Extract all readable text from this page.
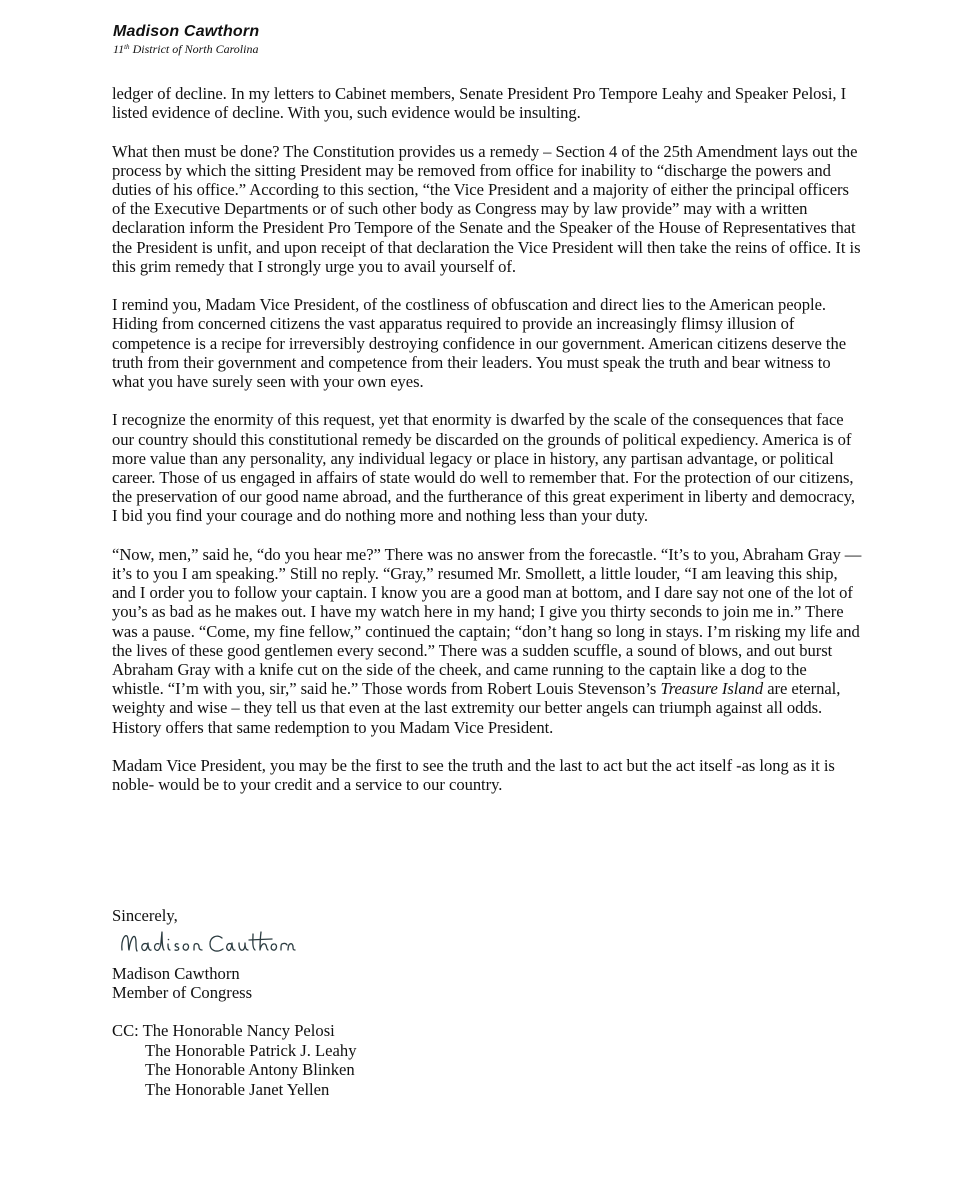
Madison Cawthorn

11th District of North Carolina

ledger of decline. In my letters to Cabinet members, Senate President Pro Tempore Leahy and Speaker Pelosi, I listed evidence of decline. With you, such evidence would be insulting.

What then must be done? The Constitution provides us a remedy – Section 4 of the 25th Amendment lays out the process by which the sitting President may be removed from office for inability to “discharge the powers and duties of his office.” According to this section, “the Vice President and a majority of either the principal officers of the Executive Departments or of such other body as Congress may by law provide” may with a written declaration inform the President Pro Tempore of the Senate and the Speaker of the House of Representatives that the President is unfit, and upon receipt of that declaration the Vice President will then take the reins of office. It is this grim remedy that I strongly urge you to avail yourself of.

I remind you, Madam Vice President, of the costliness of obfuscation and direct lies to the American people. Hiding from concerned citizens the vast apparatus required to provide an increasingly flimsy illusion of competence is a recipe for irreversibly destroying confidence in our government. American citizens deserve the truth from their government and competence from their leaders. You must speak the truth and bear witness to what you have surely seen with your own eyes.

I recognize the enormity of this request, yet that enormity is dwarfed by the scale of the consequences that face our country should this constitutional remedy be discarded on the grounds of political expediency. America is of more value than any personality, any individual legacy or place in history, any partisan advantage, or political career. Those of us engaged in affairs of state would do well to remember that. For the protection of our citizens, the preservation of our good name abroad, and the furtherance of this great experiment in liberty and democracy, I bid you find your courage and do nothing more and nothing less than your duty.

“Now, men,” said he, “do you hear me?” There was no answer from the forecastle. “It’s to you, Abraham Gray — it’s to you I am speaking.” Still no reply. “Gray,” resumed Mr. Smollett, a little louder, “I am leaving this ship, and I order you to follow your captain. I know you are a good man at bottom, and I dare say not one of the lot of you’s as bad as he makes out. I have my watch here in my hand; I give you thirty seconds to join me in.” There was a pause. “Come, my fine fellow,” continued the captain; “don’t hang so long in stays. I’m risking my life and the lives of these good gentlemen every second.” There was a sudden scuffle, a sound of blows, and out burst Abraham Gray with a knife cut on the side of the cheek, and came running to the captain like a dog to the whistle. “I’m with you, sir,” said he.” Those words from Robert Louis Stevenson’s Treasure Island are eternal, weighty and wise – they tell us that even at the last extremity our better angels can triumph against all odds. History offers that same redemption to you Madam Vice President.

Madam Vice President, you may be the first to see the truth and the last to act but the act itself -as long as it is noble- would be to your credit and a service to our country.

Sincerely,

Madison Cawthorn

Member of Congress

CC: The Honorable Nancy Pelosi

The Honorable Patrick J. Leahy

The Honorable Antony Blinken

The Honorable Janet Yellen
